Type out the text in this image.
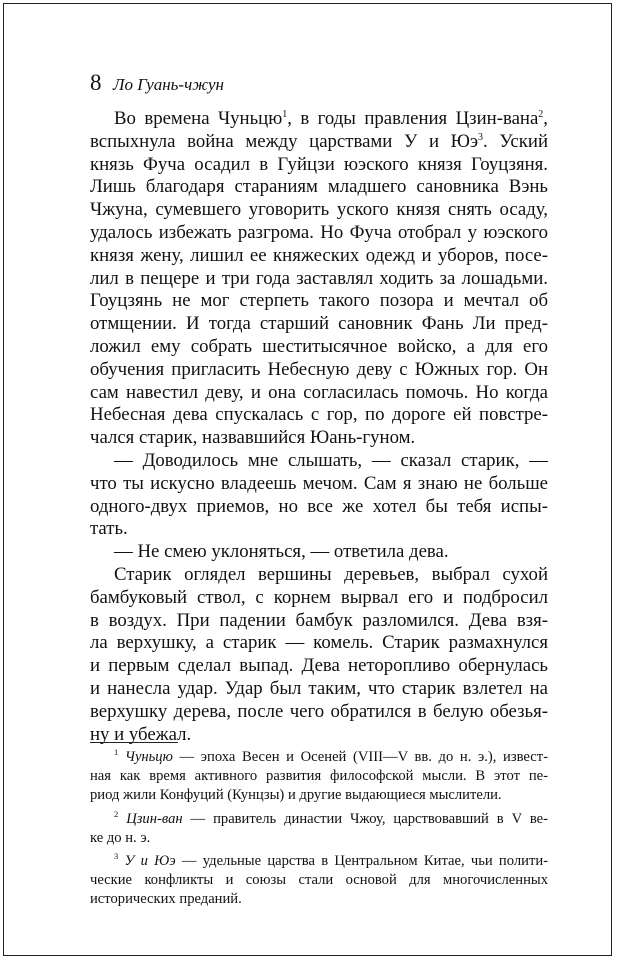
8 Ло Гуань-чжун
Во времена Чуньцю$^1$, в годы правления Цзин-вана$^2$,
вспыхнула война между царствами У и $Юэ^3$. Уский
князь Фуча осадил в Гуйцзи юэского князя Гоуцзяня.
Лишь благодаря стараниям младшего сановника Вэнь
Чжуна, сумевшего уговорить уского князя снять осаду,
удалось избежать разгрома. Но Фуча отобрал у юэского
князя жену, лишил ее княжеских одежд и уборов, посе-
лил в пещере и три года заставлял ходить за лошадьми.
Гоуцзянь не мог стерпеть такого позора и мечтал об
отмщении. И тогда старший сановник Фань Ли пред-
ложил ему собрать шеститысячное войско, а для его
обучения пригласить Небесную деву с Южных гор. Он
сам навестил деву, и она согласилась помочь. Но когда
Небесная дева спускалась с гор, по дороге ей повстре-
чался старик, назвавшийся Юань-гуном.
— Доводилось мне слышать, — сказал старик, —
что ты искусно владеешь мечом. Сам я знаю не больше
одного-двух приемов, но все же хотел бы тебя испы-
тать.
— Не смею уклоняться, — ответила дева.
Старик оглядел вершины деревьев, выбрал сухой
бамбуковый ствол, с корнем вырвал его и подбросил
в воздух. При падении бамбук разломился. Дева взя-
ла верхушку, а старик — комель. Старик размахнулся
и первым сделал выпад. Дева неторопливо обернулась
и нанесла удар. Удар был таким, что старик взлетел на
верхушку дерева, после чего обратился в белую обезья-
ну и убежал.
$^1$ Чуньцю — эпоха Весен и Осеней (VIII—V вв. до н. э.), извест-
ная как время активного развития философской мысли. В этот пе-
риод жили Конфуций (Кунцзы) и другие выдающиеся мыслители.
$^2$ Цзин-ван — правитель династии Чжоу, царствовавший в V ве-
ке до н. э.
$^3$ У и Юэ — удельные царства в Центральном Китае, чьи полити-
ческие конфликты и союзы стали основой для многочисленных
исторических преданий.
